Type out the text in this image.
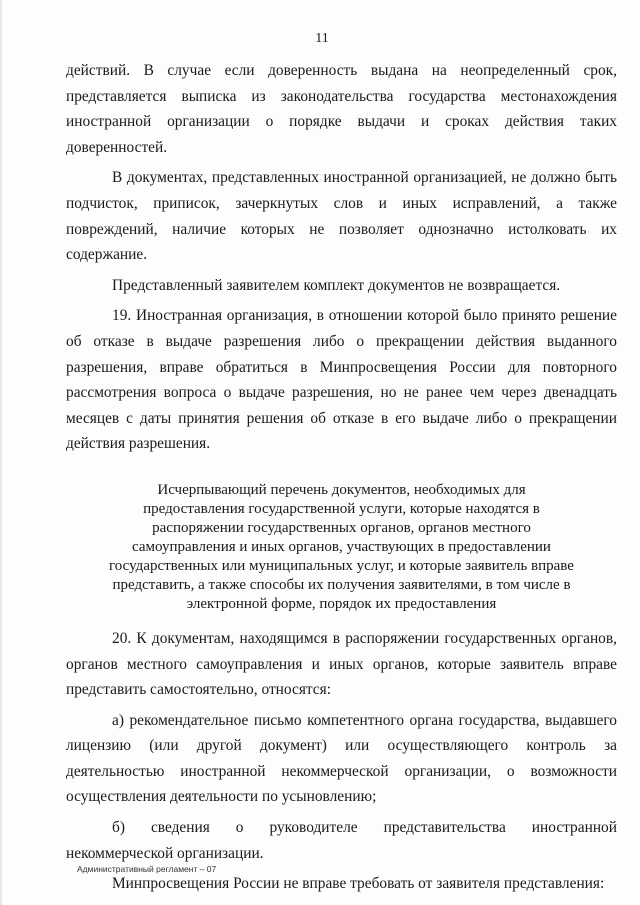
11

действий. В случае если доверенность выдана на неопределенный срок, представляется выписка из законодательства государства местонахождения иностранной организации о порядке выдачи и сроках действия таких доверенностей.

В документах, представленных иностранной организацией, не должно быть подчисток, приписок, зачеркнутых слов и иных исправлений, а также повреждений, наличие которых не позволяет однозначно истолковать их содержание.

Представленный заявителем комплект документов не возвращается.

19. Иностранная организация, в отношении которой было принято решение об отказе в выдаче разрешения либо о прекращении действия выданного разрешения, вправе обратиться в Минпросвещения России для повторного рассмотрения вопроса о выдаче разрешения, но не ранее чем через двенадцать месяцев с даты принятия решения об отказе в его выдаче либо о прекращении действия разрешения.

Исчерпывающий перечень документов, необходимых для предоставления государственной услуги, которые находятся в распоряжении государственных органов, органов местного самоуправления и иных органов, участвующих в предоставлении государственных или муниципальных услуг, и которые заявитель вправе представить, а также способы их получения заявителями, в том числе в электронной форме, порядок их предоставления

20. К документам, находящимся в распоряжении государственных органов, органов местного самоуправления и иных органов, которые заявитель вправе представить самостоятельно, относятся:

а) рекомендательное письмо компетентного органа государства, выдавшего лицензию (или другой документ) или осуществляющего контроль за деятельностью иностранной некоммерческой организации, о возможности осуществления деятельности по усыновлению;

б) сведения о руководителе представительства иностранной некоммерческой организации.

Минпросвещения России не вправе требовать от заявителя представления:

Административный регламент – 07
